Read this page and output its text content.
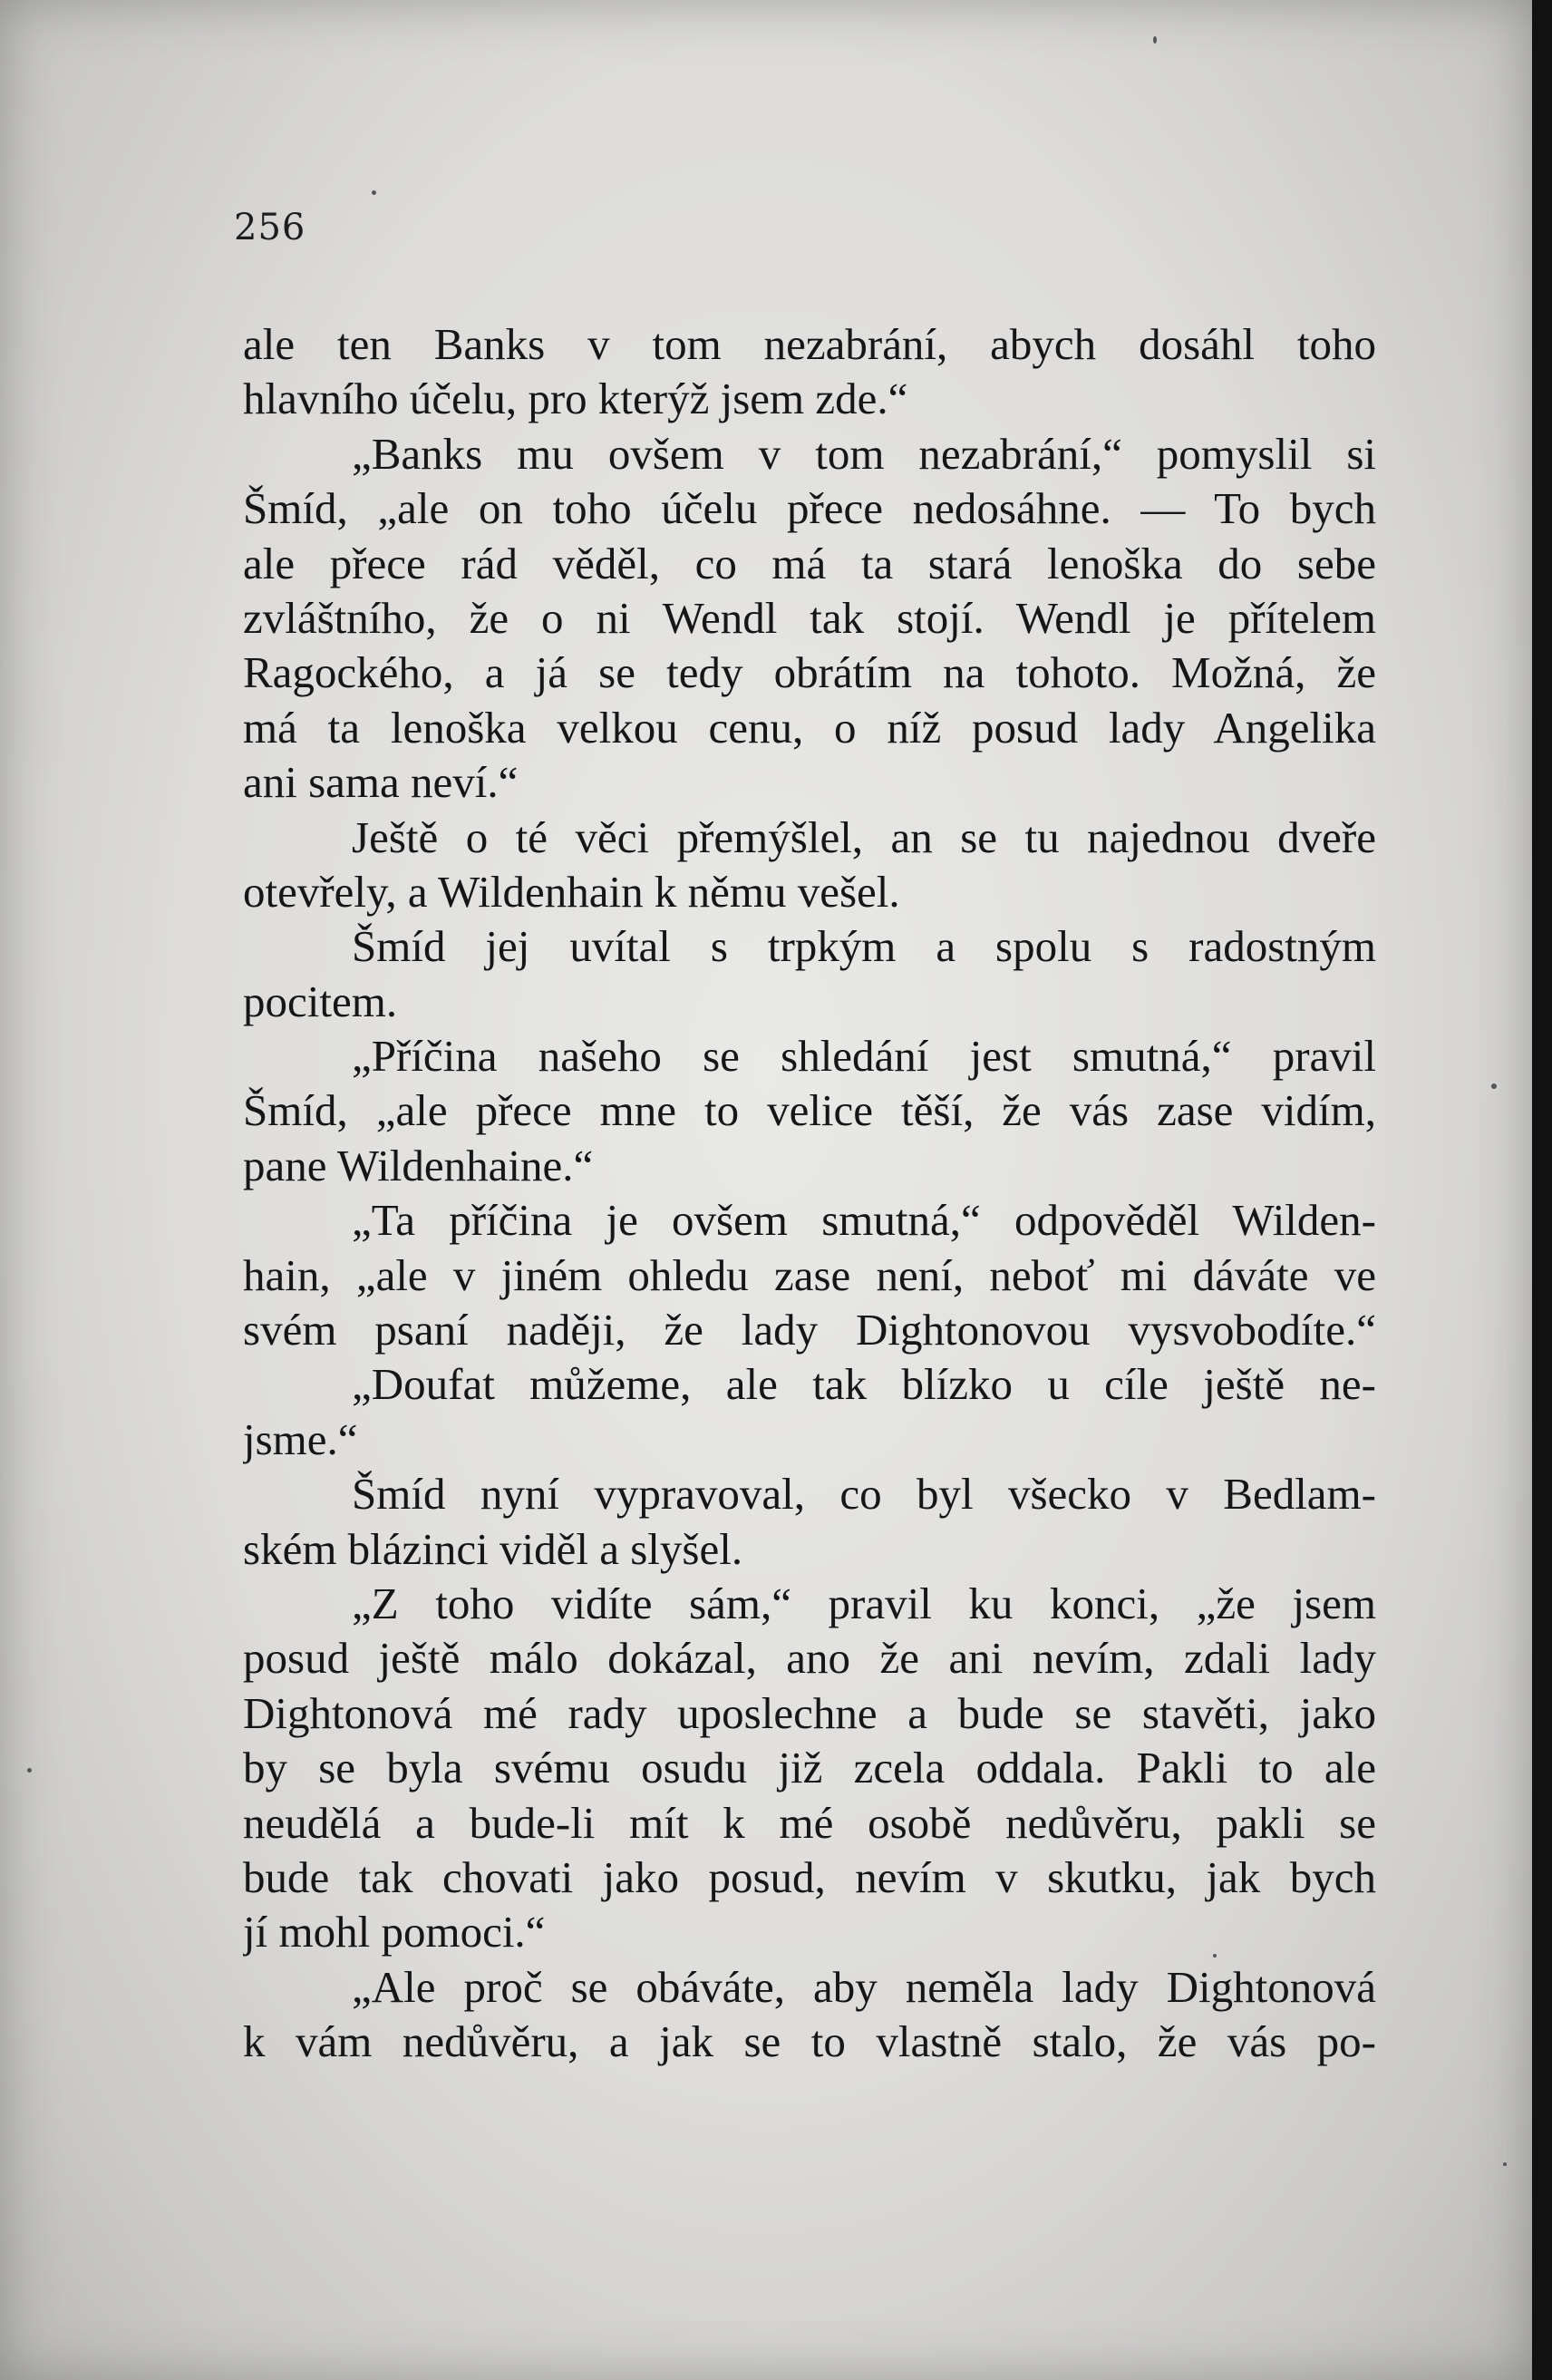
256
ale ten Banks v tom nezabrání, abych dosáhl toho
hlavního účelu, pro kterýž jsem zde.“
„Banks mu ovšem v tom nezabrání,“ pomyslil si
Šmíd, „ale on toho účelu přece nedosáhne. — To bych
ale přece rád věděl, co má ta stará lenoška do sebe
zvláštního, že o ni Wendl tak stojí. Wendl je přítelem
Ragockého, a já se tedy obrátím na tohoto. Možná, že
má ta lenoška velkou cenu, o níž posud lady Angelika
ani sama neví.“
Ještě o té věci přemýšlel, an se tu najednou dveře
otevřely, a Wildenhain k němu vešel.
Šmíd jej uvítal s trpkým a spolu s radostným
pocitem.
„Příčina našeho se shledání jest smutná,“ pravil
Šmíd, „ale přece mne to velice těší, že vás zase vidím,
pane Wildenhaine.“
„Ta příčina je ovšem smutná,“ odpověděl Wilden-
hain, „ale v jiném ohledu zase není, neboť mi dáváte ve
svém psaní naději, že lady Dightonovou vysvobodíte.“
„Doufat můžeme, ale tak blízko u cíle ještě ne-
jsme.“
Šmíd nyní vypravoval, co byl všecko v Bedlam-
ském blázinci viděl a slyšel.
„Z toho vidíte sám,“ pravil ku konci, „že jsem
posud ještě málo dokázal, ano že ani nevím, zdali lady
Dightonová mé rady uposlechne a bude se stavěti, jako
by se byla svému osudu již zcela oddala. Pakli to ale
neudělá a bude-li mít k mé osobě nedůvěru, pakli se
bude tak chovati jako posud, nevím v skutku, jak bych
jí mohl pomoci.“
„Ale proč se obáváte, aby neměla lady Dightonová
k vám nedůvěru, a jak se to vlastně stalo, že vás po-
